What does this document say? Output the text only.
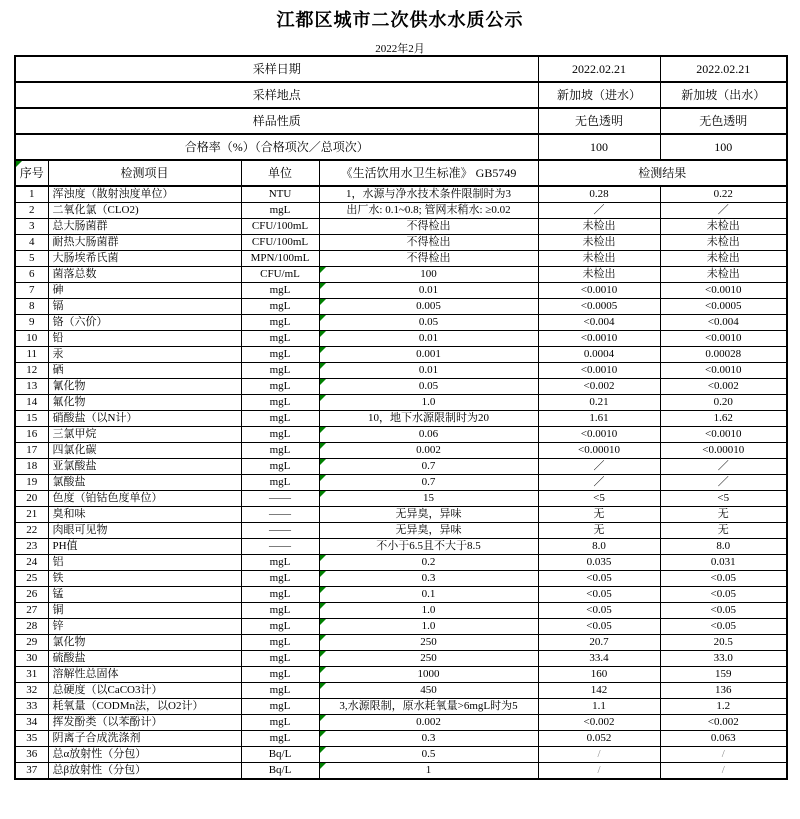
江都区城市二次供水水质公示
2022年2月
采样日期				2022.02.21	2022.02.21
采样地点				新加坡（进水）	新加坡（出水）
样品性质				无色透明	无色透明
合格率（%）（合格项次／总项次）				100	100

序号	检测项目	单位	《生活饮用水卫生标准》 GB5749	检测结果	
1	浑浊度（散射浊度单位）	NTU	1，水源与净水技术条件限制时为3	0.28	0.22
2	二氧化氯（CLO2)	mgL	出厂水: 0.1~0.8; 管网末稍水: ≥0.02	／	／
3	总大肠菌群	CFU/100mL	不得检出	未检出	未检出
4	耐热大肠菌群	CFU/100mL	不得检出	未检出	未检出
5	大肠埃希氏菌	MPN/100mL	不得检出	未检出	未检出
6	菌落总数	CFU/mL	100	未检出	未检出
7	砷	mgL	0.01	<0.0010	<0.0010
8	镉	mgL	0.005	<0.0005	<0.0005
9	铬（六价）	mgL	0.05	<0.004	<0.004
10	铅	mgL	0.01	<0.0010	<0.0010
11	汞	mgL	0.001	0.0004	0.00028
12	硒	mgL	0.01	<0.0010	<0.0010
13	氰化物	mgL	0.05	<0.002	<0.002
14	氟化物	mgL	1.0	0.21	0.20
15	硝酸盐（以N计）	mgL	10，地下水源限制时为20	1.61	1.62
16	三氯甲烷	mgL	0.06	<0.0010	<0.0010
17	四氯化碳	mgL	0.002	<0.00010	<0.00010
18	亚氯酸盐	mgL	0.7	／	／
19	氯酸盐	mgL	0.7	／	／
20	色度（铂钴色度单位）	——	15	<5	<5
21	臭和味	——	无异臭，异味	无	无
22	肉眼可见物	——	无异臭，异味	无	无
23	PH值	——	不小于6.5且不大于8.5	8.0	8.0
24	铝	mgL	0.2	0.035	0.031
25	铁	mgL	0.3	<0.05	<0.05
26	锰	mgL	0.1	<0.05	<0.05
27	铜	mgL	1.0	<0.05	<0.05
28	锌	mgL	1.0	<0.05	<0.05
29	氯化物	mgL	250	20.7	20.5
30	硫酸盐	mgL	250	33.4	33.0
31	溶解性总固体	mgL	1000	160	159
32	总硬度（以CaCO3计）	mgL	450	142	136
33	耗氧量（CODMn法，以O2计）	mgL	3,水源限制，原水耗氧量>6mgL时为5	1.1	1.2
34	挥发酚类（以苯酚计）	mgL	0.002	<0.002	<0.002
35	阴离子合成洗涤剂	mgL	0.3	0.052	0.063
36	总α放射性（分包）	Bq/L	0.5	/	/
37	总β放射性（分包）	Bq/L	1	/	/
